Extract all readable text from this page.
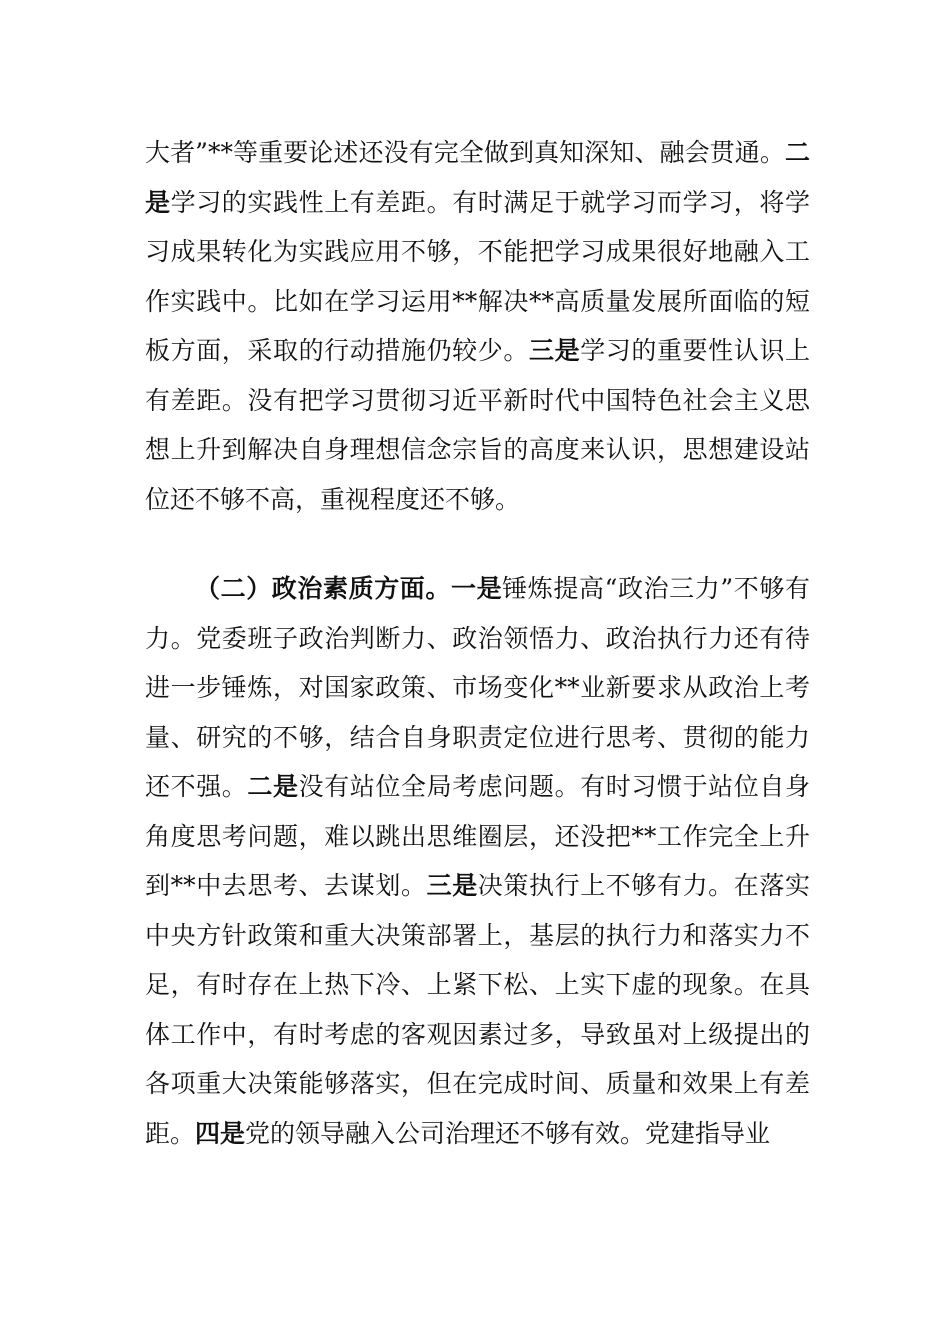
大者”**等重要论述还没有完全做到真知深知、融会贯通。二是学习的实践性上有差距。有时满足于就学习而学习，将学习成果转化为实践应用不够，不能把学习成果很好地融入工作实践中。比如在学习运用**解决**高质量发展所面临的短板方面，采取的行动措施仍较少。三是学习的重要性认识上有差距。没有把学习贯彻习近平新时代中国特色社会主义思想上升到解决自身理想信念宗旨的高度来认识，思想建设站位还不够不高，重视程度还不够。

（二）政治素质方面。一是锤炼提高“政治三力”不够有力。党委班子政治判断力、政治领悟力、政治执行力还有待进一步锤炼，对国家政策、市场变化**业新要求从政治上考量、研究的不够，结合自身职责定位进行思考、贯彻的能力还不强。二是没有站位全局考虑问题。有时习惯于站位自身角度思考问题，难以跳出思维圈层，还没把**工作完全上升到**中去思考、去谋划。三是决策执行上不够有力。在落实中央方针政策和重大决策部署上，基层的执行力和落实力不足，有时存在上热下冷、上紧下松、上实下虚的现象。在具体工作中，有时考虑的客观因素过多，导致虽对上级提出的各项重大决策能够落实，但在完成时间、质量和效果上有差距。四是党的领导融入公司治理还不够有效。党建指导业
